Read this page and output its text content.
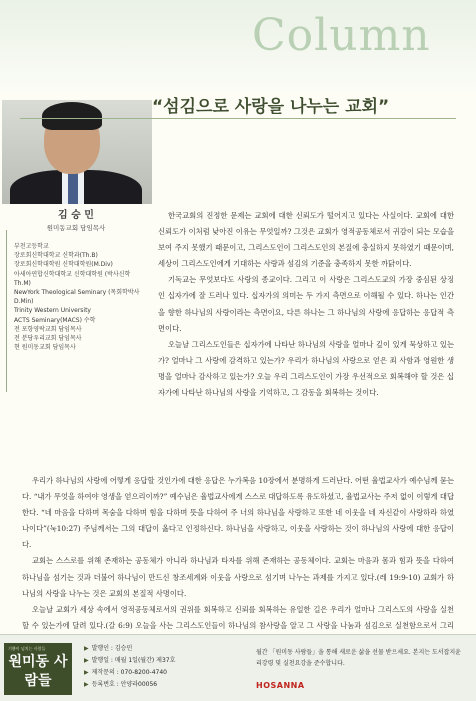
Column
“섬김으로 사랑을 나누는 교회”
김 승 민
원미동교회 담임목사
부천고등학교
장로회신학대학교 신학과(Th.B)
장로회신학대학원 신학대학원(M.Div)
아세아연합신학대학교 신학대학원 (박사신학 Th.M)
NewYork Theological Seminary (목회학박사 D.Min)
Trinity Western University
ACTS Seminary(MACS) 수학
전 포항영락교회 담임목사
전 분당우리교회 담임목사
현 원미동교회 담임목사

한국교회의 진정한 문제는 교회에 대한 신뢰도가 떨어지고 있다는 사실이다. 교회에 대한 신뢰도가 이처럼 낮아진 이유는 무엇일까? 그것은 교회가 영적공동체로서 귀감이 되는 모습을 보여 주지 못했기 때문이고, 그리스도인이 그리스도인의 본질에 충실하지 못하였기 때문이며, 세상이 그리스도인에게 기대하는 사랑과 섬김의 기준을 충족하지 못한 까닭이다.

기독교는 무엇보다도 사랑의 종교이다. 그리고 이 사랑은 그리스도교의 가장 중심된 상징인 십자가에 잘 드러나 있다. 십자가의 의미는 두 가지 측면으로 이해될 수 있다. 하나는 인간을 향한 하나님의 사랑이라는 측면이요, 다른 하나는 그 하나님의 사랑에 응답하는 응답적 측면이다.

오늘날 그리스도인들은 십자가에 나타난 하나님의 사랑을 얼마나 깊이 있게 묵상하고 있는가? 얼마나 그 사랑에 감격하고 있는가? 우리가 하나님의 사랑으로 얻은 죄 사함과 영원한 생명을 얼마나 감사하고 있는가? 오늘 우리 그리스도인이 가장 우선적으로 회복해야 할 것은 십자가에 나타난 하나님의 사랑을 기억하고, 그 감동을 회복하는 것이다.

우리가 하나님의 사랑에 어떻게 응답할 것인가에 대한 응답은 누가복음 10장에서 분명하게 드러난다. 어떤 율법교사가 예수님께 묻는다. “내가 무엇을 하여야 영생을 얻으리이까?” 예수님은 율법교사에게 스스로 대답하도록 유도하셨고, 율법교사는 주저 없이 이렇게 대답한다. “네 마음을 다하며 목숨을 다하며 힘을 다하며 뜻을 다하여 주 너의 하나님을 사랑하고 또한 네 이웃을 네 자신같이 사랑하라 하였나이다”(눅10:27) 주님께서는 그의 대답이 옳다고 인정하신다. 하나님을 사랑하고, 이웃을 사랑하는 것이 하나님의 사랑에 대한 응답이다.

교회는 스스로를 위해 존재하는 공동체가 아니라 하나님과 타자를 위해 존재하는 공동체이다. 교회는 마음과 몸과 힘과 뜻을 다하여 하나님을 섬기는 것과 더불어 하나님이 만드신 창조세계와 이웃을 사랑으로 섬기며 나누는 과제를 가지고 있다.(레 19:9-10) 교회가 하나님의 사랑을 나누는 것은 교회의 본질적 사명이다.

오늘날 교회가 세상 속에서 영적공동체로서의 권위를 회복하고 신뢰를 회복하는 유일한 길은 우리가 얼마나 그리스도의 사랑을 실천할 수 있는가에 달려 있다.(갈 6:9) 오늘을 사는 그리스도인들이 하나님의 참사랑을 알고 그 사랑을 나눔과 섬김으로 실천함으로서 그리

기쁨이 넘치는 사람들
원미동 사람들
▶ 발행인 : 김승민
▶ 발행일 : 매월 1일(월간) 제37호
▶ 제작문의 : 070-8200-4740
▶ 등록번호 : 안양라00056
월간 「원미동 사람들」을 통해 새로운 삶을 선물 받으세요. 본지는 도서잡지윤리강령 및 실천요강을 준수합니다.
HOSANNA
